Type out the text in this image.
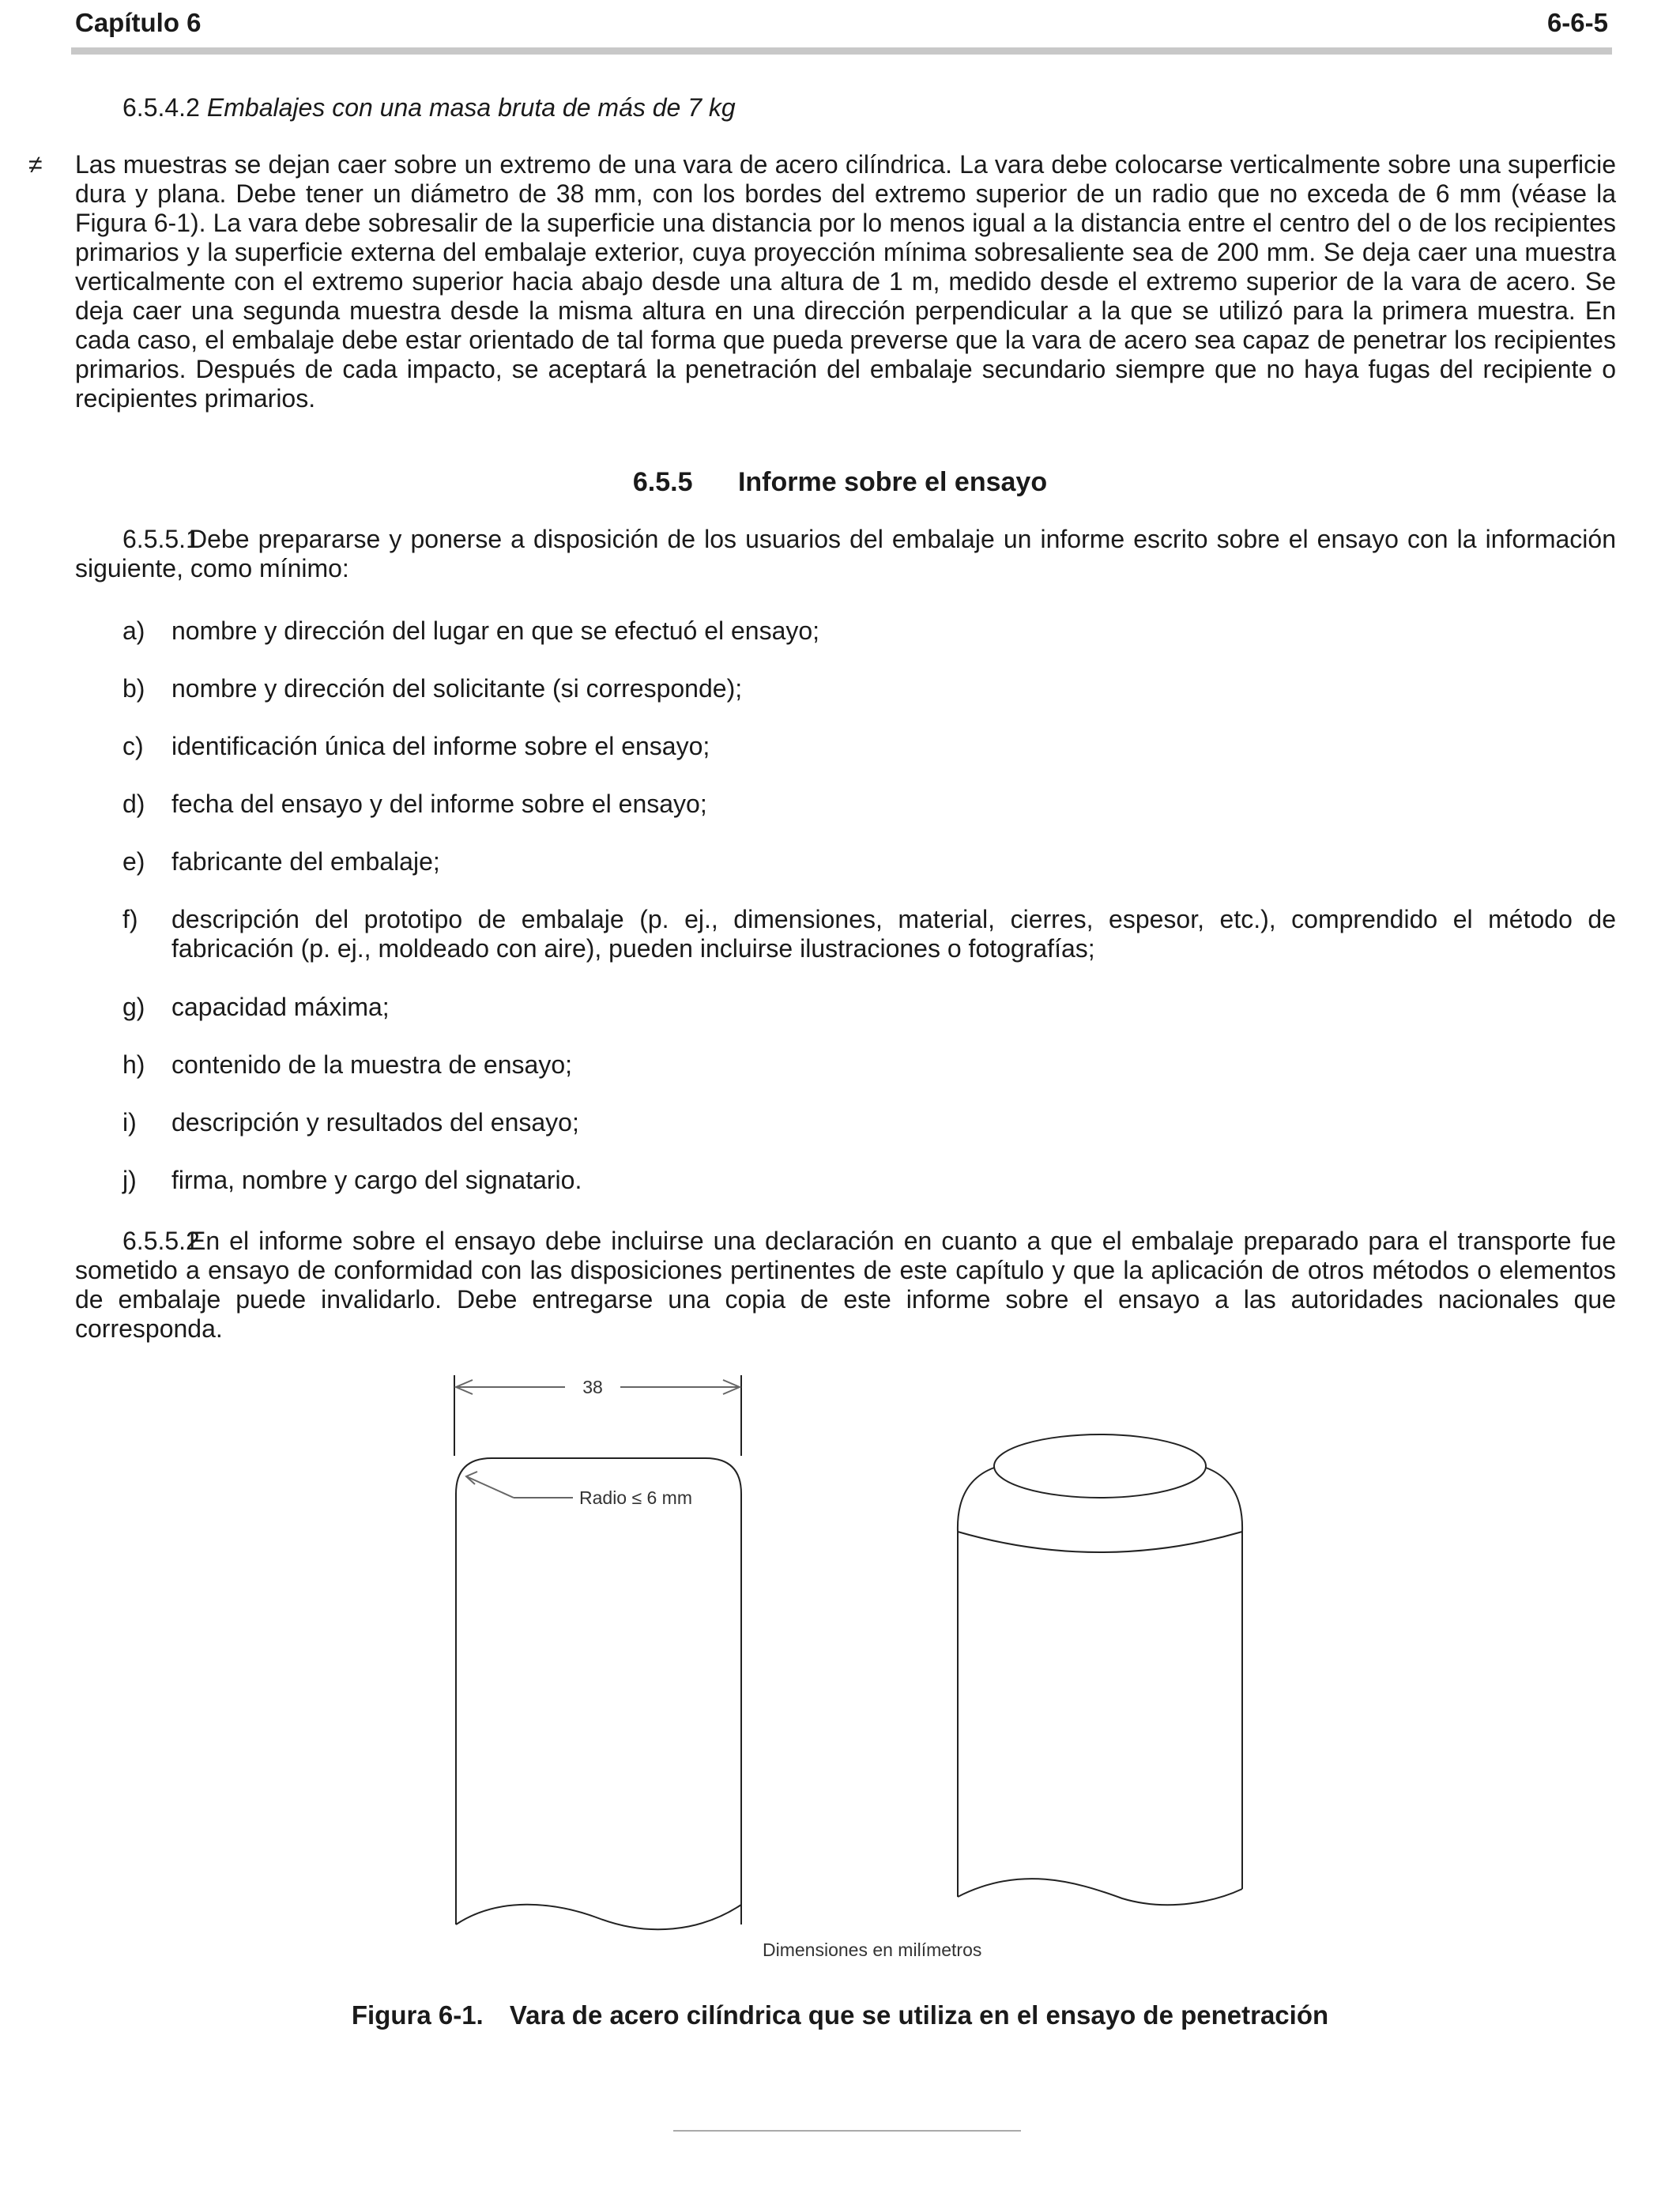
Capítulo 6	6-6-5
6.5.4.2 Embalajes con una masa bruta de más de 7 kg
≠ Las muestras se dejan caer sobre un extremo de una vara de acero cilíndrica. La vara debe colocarse verticalmente sobre una superficie dura y plana. Debe tener un diámetro de 38 mm, con los bordes del extremo superior de un radio que no exceda de 6 mm (véase la Figura 6-1). La vara debe sobresalir de la superficie una distancia por lo menos igual a la distancia entre el centro del o de los recipientes primarios y la superficie externa del embalaje exterior, cuya proyección mínima sobresaliente sea de 200 mm. Se deja caer una muestra verticalmente con el extremo superior hacia abajo desde una altura de 1 m, medido desde el extremo superior de la vara de acero. Se deja caer una segunda muestra desde la misma altura en una dirección perpendicular a la que se utilizó para la primera muestra. En cada caso, el embalaje debe estar orientado de tal forma que pueda preverse que la vara de acero sea capaz de penetrar los recipientes primarios. Después de cada impacto, se aceptará la penetración del embalaje secundario siempre que no haya fugas del recipiente o recipientes primarios.
6.5.5 Informe sobre el ensayo
6.5.5.1Debe prepararse y ponerse a disposición de los usuarios del embalaje un informe escrito sobre el ensayo con la información siguiente, como mínimo:
a) nombre y dirección del lugar en que se efectuó el ensayo;
b) nombre y dirección del solicitante (si corresponde);
c) identificación única del informe sobre el ensayo;
d) fecha del ensayo y del informe sobre el ensayo;
e) fabricante del embalaje;
f) descripción del prototipo de embalaje (p. ej., dimensiones, material, cierres, espesor, etc.), comprendido el método de fabricación (p. ej., moldeado con aire), pueden incluirse ilustraciones o fotografías;
g) capacidad máxima;
h) contenido de la muestra de ensayo;
i) descripción y resultados del ensayo;
j) firma, nombre y cargo del signatario.
6.5.5.2En el informe sobre el ensayo debe incluirse una declaración en cuanto a que el embalaje preparado para el transporte fue sometido a ensayo de conformidad con las disposiciones pertinentes de este capítulo y que la aplicación de otros métodos o elementos de embalaje puede invalidarlo. Debe entregarse una copia de este informe sobre el ensayo a las autoridades nacionales que corresponda.
38
Radio ≤ 6 mm
Dimensiones en milímetros
Figura 6-1. Vara de acero cilíndrica que se utiliza en el ensayo de penetración
